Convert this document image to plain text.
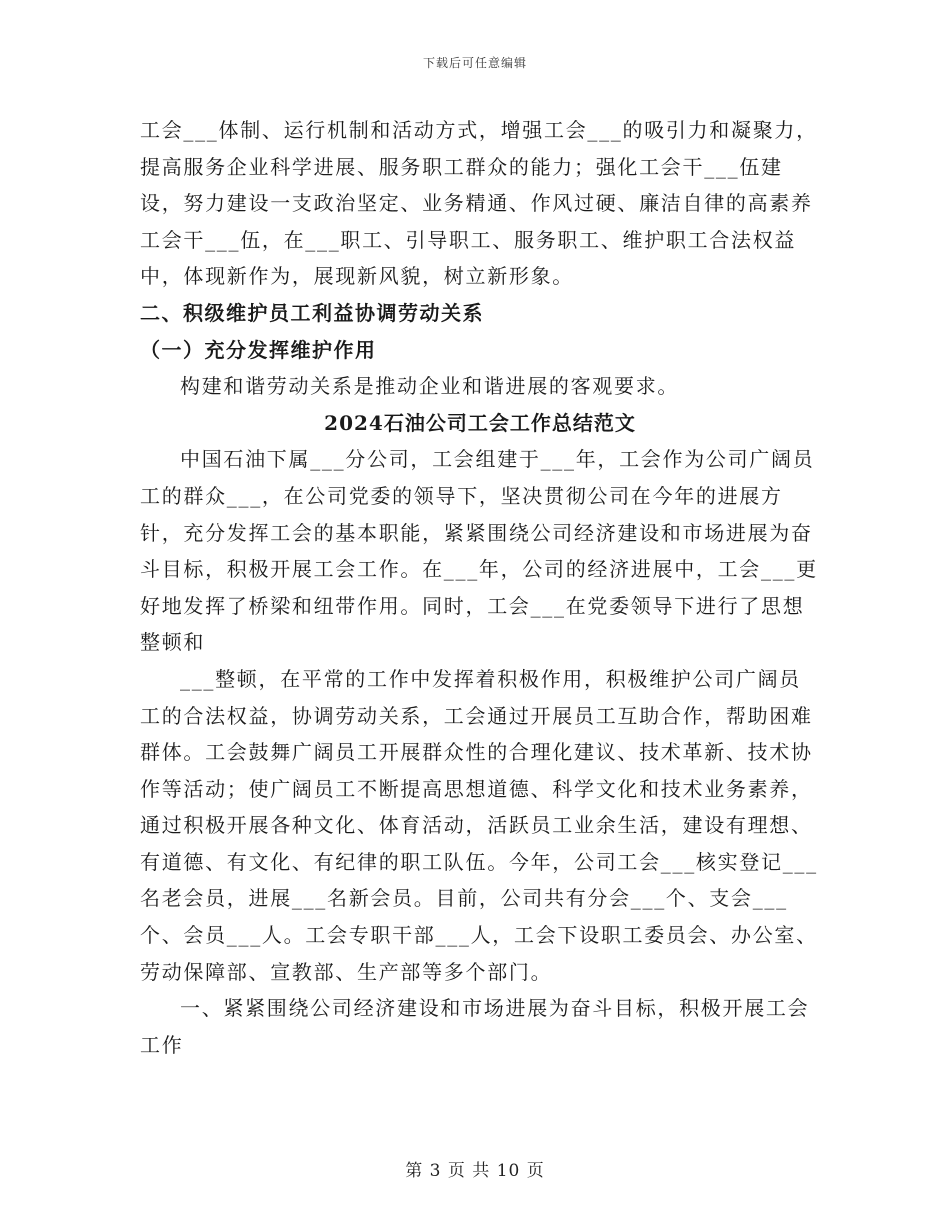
下载后可任意编辑

工会___体制、运行机制和活动方式，增强工会___的吸引力和凝聚力，提高服务企业科学进展、服务职工群众的能力；强化工会干___伍建设，努力建设一支政治坚定、业务精通、作风过硬、廉洁自律的高素养工会干___伍，在___职工、引导职工、服务职工、维护职工合法权益中，体现新作为，展现新风貌，树立新形象。

二、积级维护员工利益协调劳动关系

（一）充分发挥维护作用

构建和谐劳动关系是推动企业和谐进展的客观要求。

2024石油公司工会工作总结范文

中国石油下属___分公司，工会组建于___年，工会作为公司广阔员工的群众___，在公司党委的领导下，坚决贯彻公司在今年的进展方针，充分发挥工会的基本职能，紧紧围绕公司经济建设和市场进展为奋斗目标，积极开展工会工作。在___年，公司的经济进展中，工会___更好地发挥了桥梁和纽带作用。同时，工会___在党委领导下进行了思想整顿和

___整顿，在平常的工作中发挥着积极作用，积极维护公司广阔员工的合法权益，协调劳动关系，工会通过开展员工互助合作，帮助困难群体。工会鼓舞广阔员工开展群众性的合理化建议、技术革新、技术协作等活动；使广阔员工不断提高思想道德、科学文化和技术业务素养，通过积极开展各种文化、体育活动，活跃员工业余生活，建设有理想、有道德、有文化、有纪律的职工队伍。今年，公司工会___核实登记___名老会员，进展___名新会员。目前，公司共有分会___个、支会___个、会员___人。工会专职干部___人，工会下设职工委员会、办公室、劳动保障部、宣教部、生产部等多个部门。

一、紧紧围绕公司经济建设和市场进展为奋斗目标，积极开展工会工作

第 3 页 共 10 页
